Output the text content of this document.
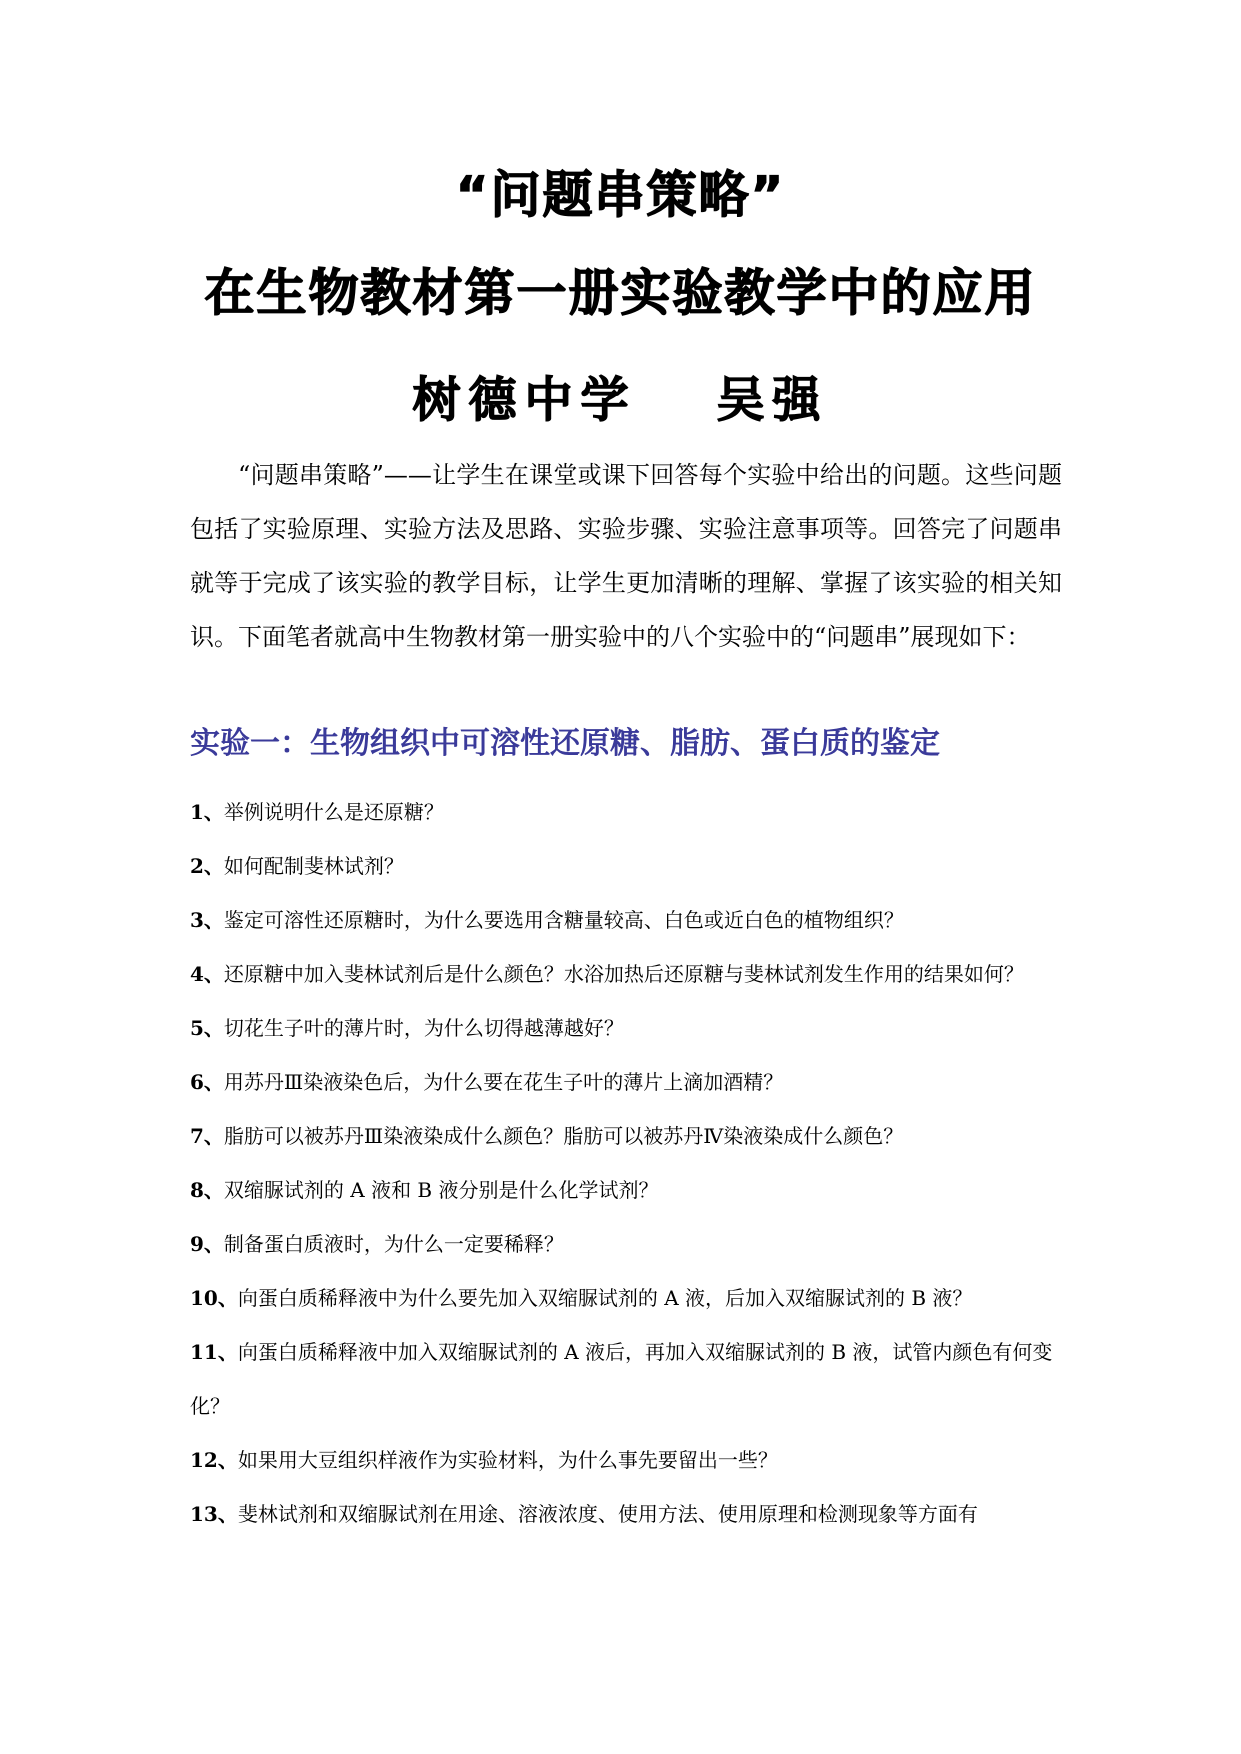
“问题串策略”
在生物教材第一册实验教学中的应用
树德中学 吴强

“问题串策略”——让学生在课堂或课下回答每个实验中给出的问题。这些问题包括了实验原理、实验方法及思路、实验步骤、实验注意事项等。回答完了问题串就等于完成了该实验的教学目标，让学生更加清晰的理解、掌握了该实验的相关知识。下面笔者就高中生物教材第一册实验中的八个实验中的“问题串”展现如下：

实验一：生物组织中可溶性还原糖、脂肪、蛋白质的鉴定
1、举例说明什么是还原糖？
2、如何配制斐林试剂？
3、鉴定可溶性还原糖时，为什么要选用含糖量较高、白色或近白色的植物组织？
4、还原糖中加入斐林试剂后是什么颜色？水浴加热后还原糖与斐林试剂发生作用的结果如何？
5、切花生子叶的薄片时，为什么切得越薄越好？
6、用苏丹Ⅲ染液染色后，为什么要在花生子叶的薄片上滴加酒精？
7、脂肪可以被苏丹Ⅲ染液染成什么颜色？脂肪可以被苏丹Ⅳ染液染成什么颜色？
8、双缩脲试剂的 A 液和 B 液分别是什么化学试剂？
9、制备蛋白质液时，为什么一定要稀释？
10、向蛋白质稀释液中为什么要先加入双缩脲试剂的 A 液，后加入双缩脲试剂的 B 液？
11、向蛋白质稀释液中加入双缩脲试剂的 A 液后，再加入双缩脲试剂的 B 液，试管内颜色有何变化？
12、如果用大豆组织样液作为实验材料，为什么事先要留出一些？
13、斐林试剂和双缩脲试剂在用途、溶液浓度、使用方法、使用原理和检测现象等方面有
